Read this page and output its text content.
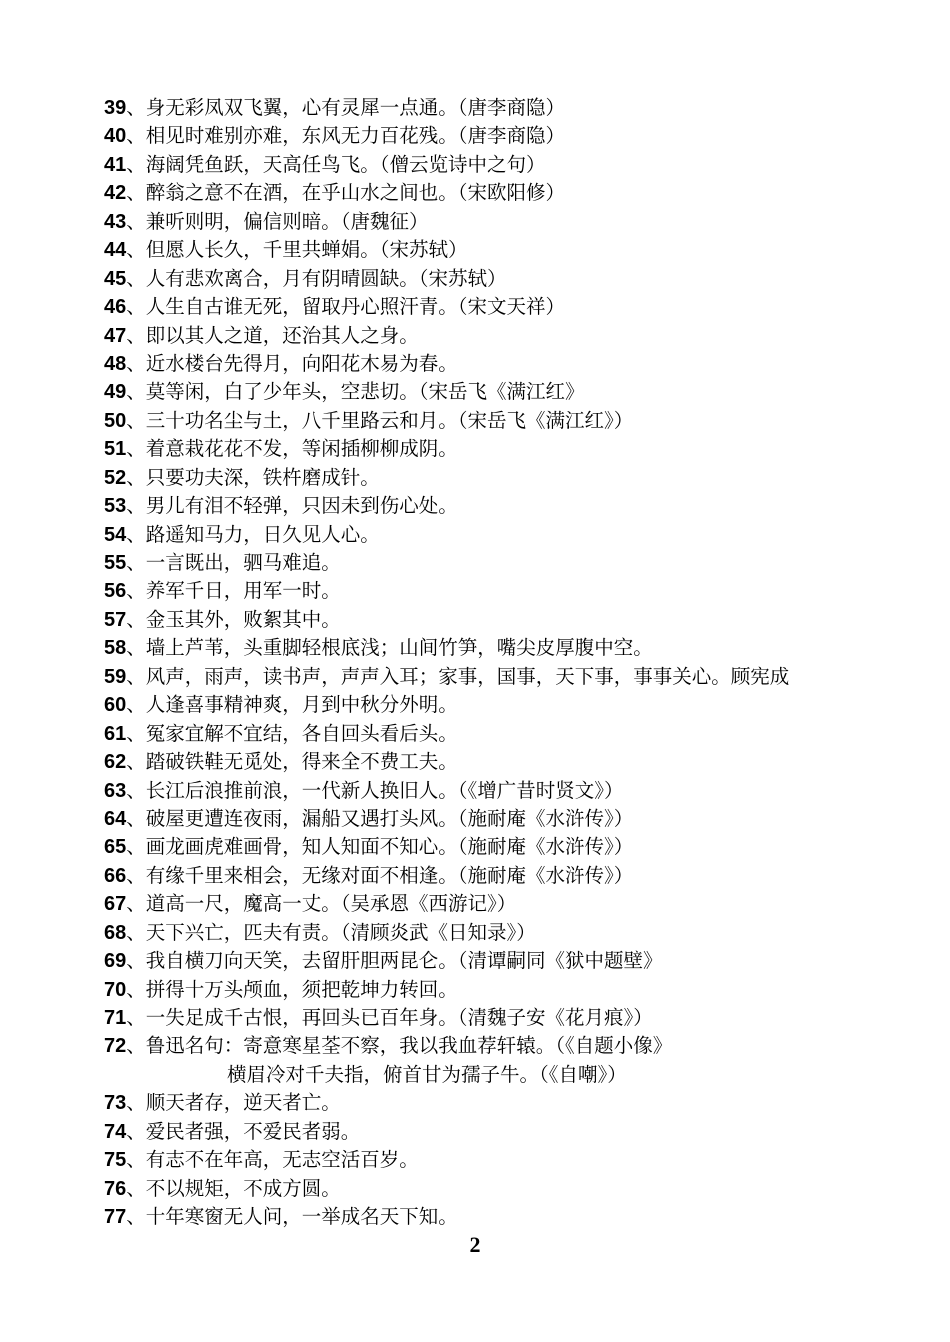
39、身无彩凤双飞翼，心有灵犀一点通。（唐李商隐）
40、相见时难别亦难，东风无力百花残。（唐李商隐）
41、海阔凭鱼跃，天高任鸟飞。（僧云览诗中之句）
42、醉翁之意不在酒，在乎山水之间也。（宋欧阳修）
43、兼听则明，偏信则暗。（唐魏征）
44、但愿人长久，千里共蝉娟。（宋苏轼）
45、人有悲欢离合，月有阴晴圆缺。（宋苏轼）
46、人生自古谁无死，留取丹心照汗青。（宋文天祥）
47、即以其人之道，还治其人之身。
48、近水楼台先得月，向阳花木易为春。
49、莫等闲，白了少年头，空悲切。（宋岳飞《满江红》
50、三十功名尘与土，八千里路云和月。（宋岳飞《满江红》）
51、着意栽花花不发，等闲插柳柳成阴。
52、只要功夫深，铁杵磨成针。
53、男儿有泪不轻弹，只因未到伤心处。
54、路遥知马力，日久见人心。
55、一言既出，驷马难追。
56、养军千日，用军一时。
57、金玉其外，败絮其中。
58、墙上芦苇，头重脚轻根底浅；山间竹笋，嘴尖皮厚腹中空。
59、风声，雨声，读书声，声声入耳；家事，国事，天下事，事事关心。顾宪成
60、人逢喜事精神爽，月到中秋分外明。
61、冤家宜解不宜结，各自回头看后头。
62、踏破铁鞋无觅处，得来全不费工夫。
63、长江后浪推前浪，一代新人换旧人。（《增广昔时贤文》）
64、破屋更遭连夜雨，漏船又遇打头风。（施耐庵《水浒传》）
65、画龙画虎难画骨，知人知面不知心。（施耐庵《水浒传》）
66、有缘千里来相会，无缘对面不相逢。（施耐庵《水浒传》）
67、道高一尺，魔高一丈。（吴承恩《西游记》）
68、天下兴亡，匹夫有责。（清顾炎武《日知录》）
69、我自横刀向天笑，去留肝胆两昆仑。（清谭嗣同《狱中题壁》
70、拼得十万头颅血，须把乾坤力转回。
71、一失足成千古恨，再回头已百年身。（清魏子安《花月痕》）
72、鲁迅名句：寄意寒星荃不察，我以我血荐轩辕。（《自题小像》
横眉冷对千夫指，俯首甘为孺子牛。（《自嘲》）
73、顺天者存，逆天者亡。
74、爱民者强，不爱民者弱。
75、有志不在年高，无志空活百岁。
76、不以规矩，不成方圆。
77、十年寒窗无人问，一举成名天下知。
2
